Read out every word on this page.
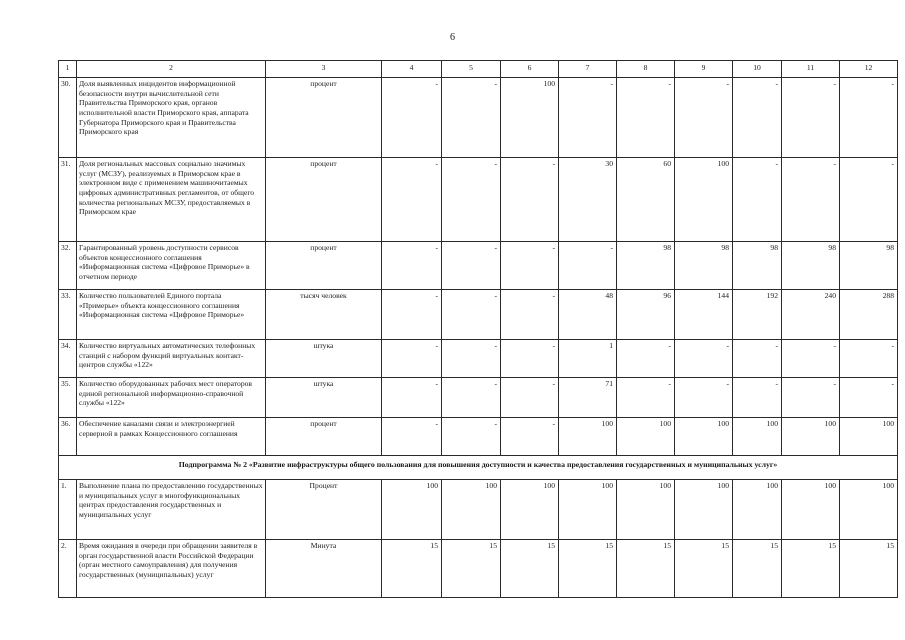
6
1	2	3	4	5	6	7	8	9	10	11	12
30.	Доля выявленных инцидентов информационной безопасности внутри вычислительной сети Правительства Приморского края, органов исполнительной власти Приморского края, аппарата Губернатора Приморского края и Правительства Приморского края	процент	-	-	100	-	-	-	-	-	-
31.	Доля региональных массовых социально значимых услуг (МСЗУ), реализуемых в Приморском крае в электронном виде с применением машиночитаемых цифровых административных регламентов, от общего количества региональных МСЗУ, предоставляемых в Приморском крае	процент	-	-	-	30	60	100	-	-	-
32.	Гарантированный уровень доступности сервисов объектов концессионного соглашения «Информационная система «Цифровое Приморье» в отчетном периоде	процент	-	-	-	-	98	98	98	98	98
33.	Количество пользователей Единого портала «Примерье» объекта концессионного соглашения «Информационная система «Цифровое Приморье»	тысяч человек	-	-	-	48	96	144	192	240	288
34.	Количество виртуальных автоматических телефонных станций с набором функций виртуальных контакт-центров службы «122»	штука	-	-	-	1	-	-	-	-	-
35.	Количество оборудованных рабочих мест операторов единой региональной информационно-справочной службы «122»	штука	-	-	-	71	-	-	-	-	-
36.	Обеспечение каналами связи и электроэнергией серверной в рамках Концессионного соглашения	процент	-	-	-	100	100	100	100	100	100
Подпрограмма № 2 «Развитие инфраструктуры общего пользования для повышения доступности и качества предоставления государственных и муниципальных услуг»											
1.	Выполнение плана по предоставлению государственных и муниципальных услуг в многофункциональных центрах предоставления государственных и муниципальных услуг	Процент	100	100	100	100	100	100	100	100	100
2.	Время ожидания в очереди при обращении заявителя в орган государственной власти Российской Федерации (орган местного самоуправления) для получения государственных (муниципальных) услуг	Минута	15	15	15	15	15	15	15	15	15
